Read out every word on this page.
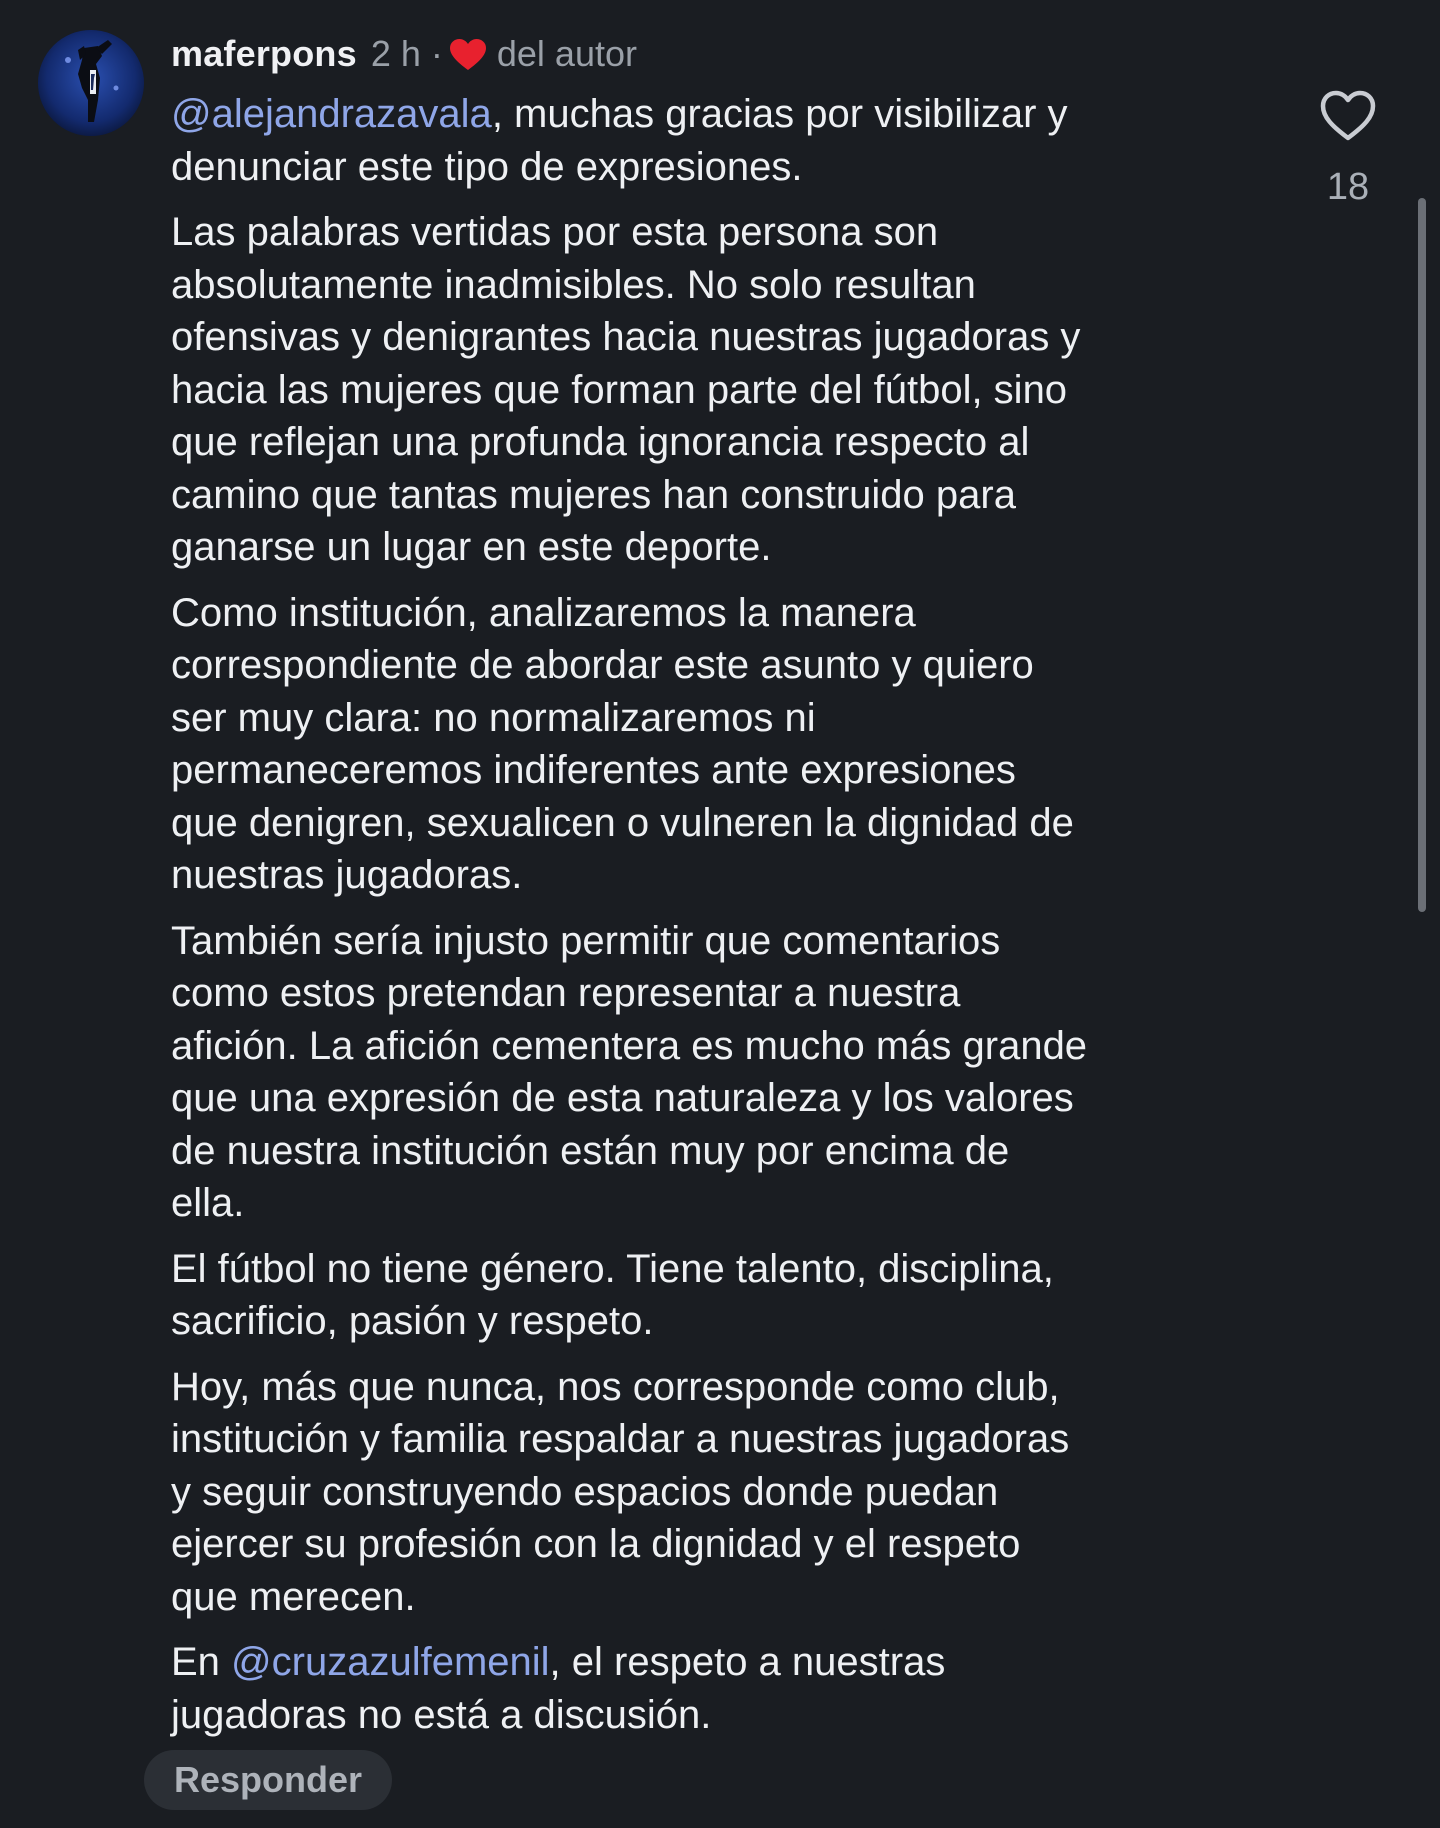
maferpons 2 h · del autor

@alejandrazavala, muchas gracias por visibilizar y
denunciar este tipo de expresiones.

Las palabras vertidas por esta persona son
absolutamente inadmisibles. No solo resultan
ofensivas y denigrantes hacia nuestras jugadoras y
hacia las mujeres que forman parte del fútbol, sino
que reflejan una profunda ignorancia respecto al
camino que tantas mujeres han construido para
ganarse un lugar en este deporte.

Como institución, analizaremos la manera
correspondiente de abordar este asunto y quiero
ser muy clara: no normalizaremos ni
permaneceremos indiferentes ante expresiones
que denigren, sexualicen o vulneren la dignidad de
nuestras jugadoras.

También sería injusto permitir que comentarios
como estos pretendan representar a nuestra
afición. La afición cementera es mucho más grande
que una expresión de esta naturaleza y los valores
de nuestra institución están muy por encima de
ella.

El fútbol no tiene género. Tiene talento, disciplina,
sacrificio, pasión y respeto.

Hoy, más que nunca, nos corresponde como club,
institución y familia respaldar a nuestras jugadoras
y seguir construyendo espacios donde puedan
ejercer su profesión con la dignidad y el respeto
que merecen.

En @cruzazulfemenil, el respeto a nuestras
jugadoras no está a discusión.

18
Responder
